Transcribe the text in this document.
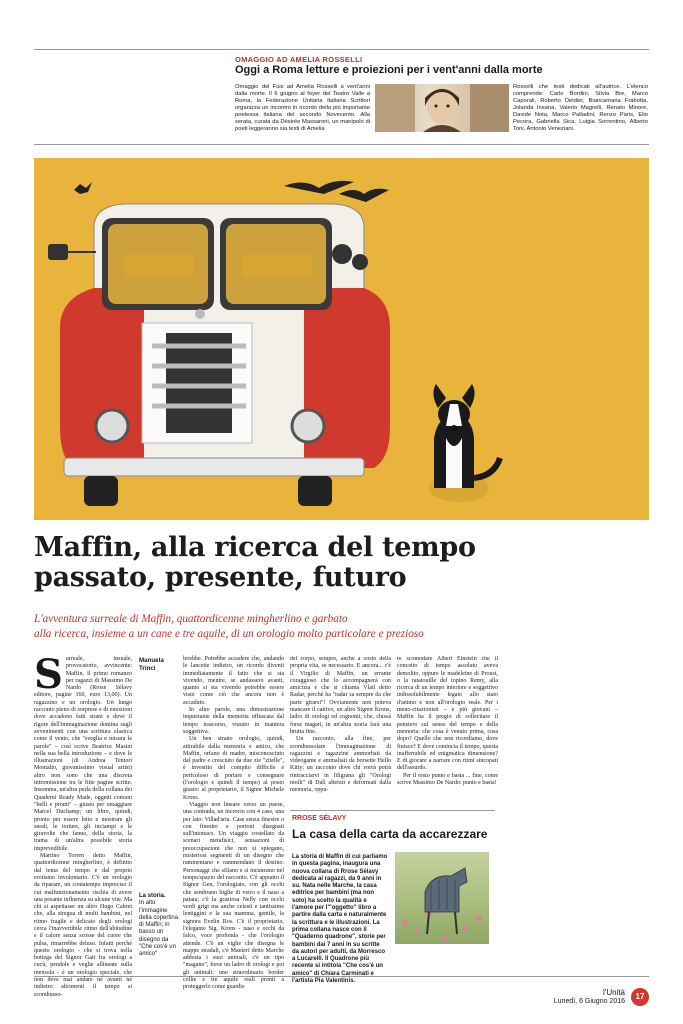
OMAGGIO AD AMELIA ROSSELLI
Oggi a Roma letture e proiezioni per i vent'anni dalla morte
Omaggio del Fuis ad Amelia Rosselli a vent'anni dalla morte. Il 6 giugno al foyer del Teatro Valle a Roma, la Federazione Unitaria Italiana Scrittori organizza un incontro in ricordo della più importante poetessa italiana del secondo Novecento. Alla serata, curata da Désirée Massaroni, un manipolo di poeti leggeranno sia testi di Amelia
Rosselli che testi dedicati all'autrice. L'elenco comprende: Carlo Bordini, Silvia Bre, Marco Caporali, Roberto Deidier, Biancamaria Frabotta, Jolanda Insana, Valerio Magrelli, Renato Minore, Davide Nota, Marco Palladini, Renzo Paris, Elio Pecora, Gabriella Sica, Luigia Sorrentino, Alberto Toni, Antonio Veneziani.
Maffin, alla ricerca del tempo
passato, presente, futuro
L'avventura surreale di Maffin, quattordicenne mingherlino e garbato
alla ricerca, insieme a un cane e tre aquile, di un orologio molto particolare e prezioso
S urreale, insuale, provocatorio, avvincente: Maffin, il primo romanzo per ragazzi di Massimo De Nardo (Rrose Sélavy editore, pagine 160, euro 13,00). Un ragazzino e un orologio. Un lungo racconto pieno di sorprese e di emozioni dove accadono fatti strani e dove il rigore dell'immaginazione domina sugli avvenimenti con una scrittura elastica come il vento, che "sveglia e misura le parole" – così scrive Beatrice Masini nella sua bella introduzione – e dove le illustrazioni (di Andrea Tentori Montalto, giovanissimo visual artist) altro non sono che una discreta intromissione tra le fitte pagine scritte. Insomma, un'altra perla della collana dei Quaderni Ready Made, oggetti comuni "belli e pronti" – giusto per omaggiare Marcel Duchamp; un libro, quindi, pronto per essere letto e mostrare gli snodi, le torture, gli inciampi e le giravolte che fanno, della storia, la trama di un'altra possibile storia imprevedibile.

Martino Torren detto Maffin, quattordicenne mingherlino, è definito dal tema del tempo e dal proprio erotismo involontario. C'è un orologio da riparare, un contatempo impreciso il cui malfunzionamento rischia di avere una pesante influenza su alcune vite. Ma chi si aspettasse un altro Hugo Cabret che, alla stregua di molti bambini, nel ritmo fragile e delicato degli orologi cerca l'inavvertibile ritmo dell'abitudine e il calore senza scosse del cuore che pulsa, rimarrebbe deluso. Infatti perché questo orologio - che si trova nella bottega del Signor Gatt fra orologi a cucù, pendole e veglie allineate sulla mensola - è un orologio speciale, che non deve mai andare né avanti né indietro altrimenti il tempo si scombusso-

Manuela Trinci
La storia.
In alto l'immagine della copertina di Maffin; in basso un disegno da "Che cos'è un amico"
lerebbe. Potrebbe accadere che, andando le lancette indietro, un ricordo diventi immediatamente il fatto che si sta vivendo, mentre, se andassero avanti, quanto si sta vivendo potrebbe essere visto come ciò che ancora non è accaduto.

In altre parole, una dimostrazione inquietante della memoria offuscata dal tempo trascorso, vissuto in maniera soggettiva.

Un ben strano orologio, quindi, attirabile dalla memoria e antico, che Maffin, orfano di madre, misconosciuto dal padre e cresciuto da due zie "zitelle", è investito del compito difficile e pericoloso di portare e consegnare (l'orologio e quindi il tempo) al posto giusto: al proprietario, il Signor Michele Krons.

Viaggio non lineare verso un paese, una contrada, un incrocio con 4 case, una per lato: Villad'aria. Case senza finestre o con finestre e portoni disegnati sull'intonaco. Un viaggio costellato da scenari metafisici, sensazioni di preoccupazioni che non si spiegano, misteriosi segmenti di un disegno che rammentano e rammendano il destino. Personaggi che sfilano e si incuneano nel tempo/spazio del racconto. C'è appunto il Signor Gen, l'orologiaio, con gli occhi che sembrano biglie di vetro e il naso a patata; c'è la graziosa Nelly con occhi verdi grigi ma anche celesti e tantissime lentiggini e la sua mamma, gentile, la signora Evelin Ros. C'è il proprietario, l'elegante Sig. Krons - naso e occhi da falco, voce profonda - che l'orologio attende. C'è un viglie che disegna le mappe stradali, c'è Manieri detto Marche addosta i suoi animali, c'è un tipo "magano", forse un ladro di orologi e poi gli animali: uno straordinario border collie e tre aquile reali pronti a proteggerlo come guardie

del corpo, sempre, anche a costo della propria vita, se necessario. E ancora... c'è il Virgilio di Maffin, un errante coraggioso che lo accompagnerà con amicizia e che si chiama Vlad detto Radar, perché ha "radar sa sempre da che parte girarsi"! Ovviamente non poteva mancare il cattivo, un altro Signor Krons, ladro di orologi ed cognomi, che, chissà forse magari, in un'altra storia farà una brutta fine.

Un racconto, alla fine, per scombussolare l'immaginazione di ragazzini e ragazzine ammorbati da videogame e ammaliati da borsette Hello Kitty; un racconto dove chi vorrà potrà rintracciarvi in filigrana gli "Orologi molli" di Dalì alterati e deformati dalla memoria, oppu-

re scomodare Albert Einstein che il concetto di tempo assoluto aveva demolito, oppure le madeleine di Proust, o la ratatouille del topino Remy, alla ricerca di un tempo interiore e soggettivo indissolubilmente legato allo stato d'animo e non all'orologio reale. Per i meno-citazionisti – e più giovani – Maffin ha il pregio di sollecitare il pensiero sul senso del tempo e della memoria: che cosa è venuto prima, cosa dopo? Quello che non ricordiamo, dove finisce? E dove comincia il tempo, questa inafferrabile ed enigmatica dimensione? E di giocare a narrare con ritmi sincopati dell'assurdo.

Per il resto punto e basta ... fine, come scrive Massimo De Nardo: punto e basta!

RROSE SÉLAVY
La casa della carta da accarezzare
La storia di Maffin di cui parliamo in questa pagina, inaugura una nuova collana di Rrose Sélavy dedicata ai ragazzi, da 9 anni in su. Nata nelle Marche, la casa editrice per bambini (ma non solo) ha scelto la qualità e l'amore per l'"oggetto" libro a partire dalla carta e naturalmente la scrittura e le illustrazioni. La prima collana nasce con il "Quaderno quadrone", storie per bambini dai 7 anni in su scritte da autori per adulti, da Morresco a Lucarelli. Il Quadrone più recente si intitola "Che cos'è un amico" di Chiara Carminati e l'artista Pia Valentinis.
l'Unità
Lunedì, 6 Giugno 2016
17
